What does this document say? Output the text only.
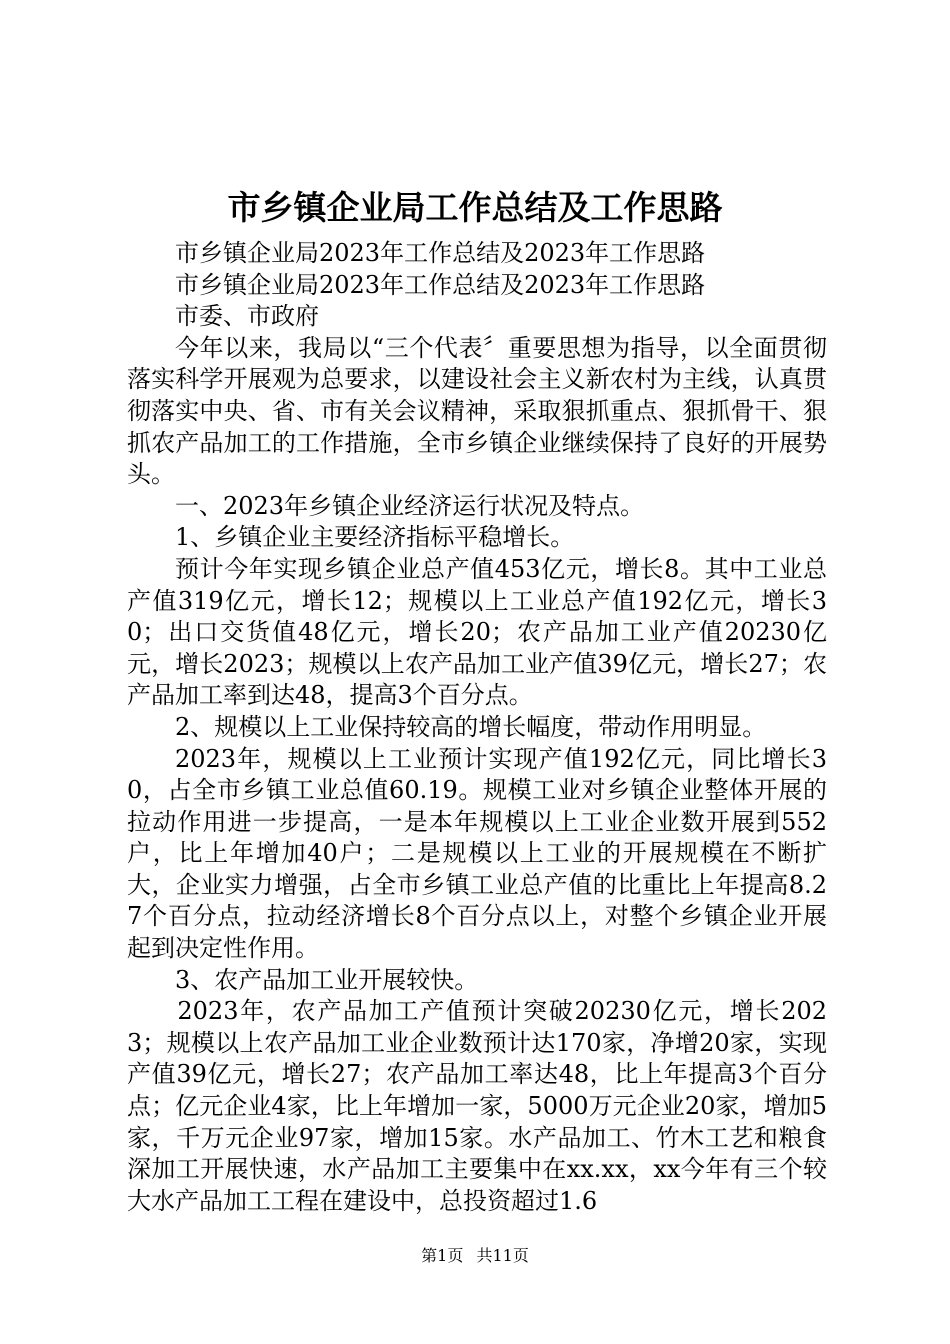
市乡镇企业局工作总结及工作思路

市乡镇企业局2023年工作总结及2023年工作思路

市乡镇企业局2023年工作总结及2023年工作思路

市委、市政府

今年以来，我局以“三个代表〞重要思想为指导，以全面贯彻落实科学开展观为总要求，以建设社会主义新农村为主线，认真贯彻落实中央、省、市有关会议精神，采取狠抓重点、狠抓骨干、狠抓农产品加工的工作措施，全市乡镇企业继续保持了良好的开展势头。

一、2023年乡镇企业经济运行状况及特点。

1、乡镇企业主要经济指标平稳增长。

预计今年实现乡镇企业总产值453亿元，增长8。其中工业总产值319亿元，增长12；规模以上工业总产值192亿元，增长30；出口交货值48亿元，增长20；农产品加工业产值20230亿元，增长2023；规模以上农产品加工业产值39亿元，增长27；农产品加工率到达48，提高3个百分点。

2、规模以上工业保持较高的增长幅度，带动作用明显。

2023年，规模以上工业预计实现产值192亿元，同比增长30，占全市乡镇工业总值60.19。规模工业对乡镇企业整体开展的拉动作用进一步提高，一是本年规模以上工业企业数开展到552户，比上年增加40户；二是规模以上工业的开展规模在不断扩大，企业实力增强，占全市乡镇工业总产值的比重比上年提高8.27个百分点，拉动经济增长8个百分点以上，对整个乡镇企业开展起到决定性作用。

3、农产品加工业开展较快。

2023年，农产品加工产值预计突破20230亿元，增长2023；规模以上农产品加工业企业数预计达170家，净增20家，实现产值39亿元，增长27；农产品加工率达48，比上年提高3个百分点；亿元企业4家，比上年增加一家，5000万元企业20家，增加5家，千万元企业97家，增加15家。水产品加工、竹木工艺和粮食深加工开展快速，水产品加工主要集中在xx.xx，xx今年有三个较大水产品加工工程在建设中，总投资超过1.6

第1页 共11页
